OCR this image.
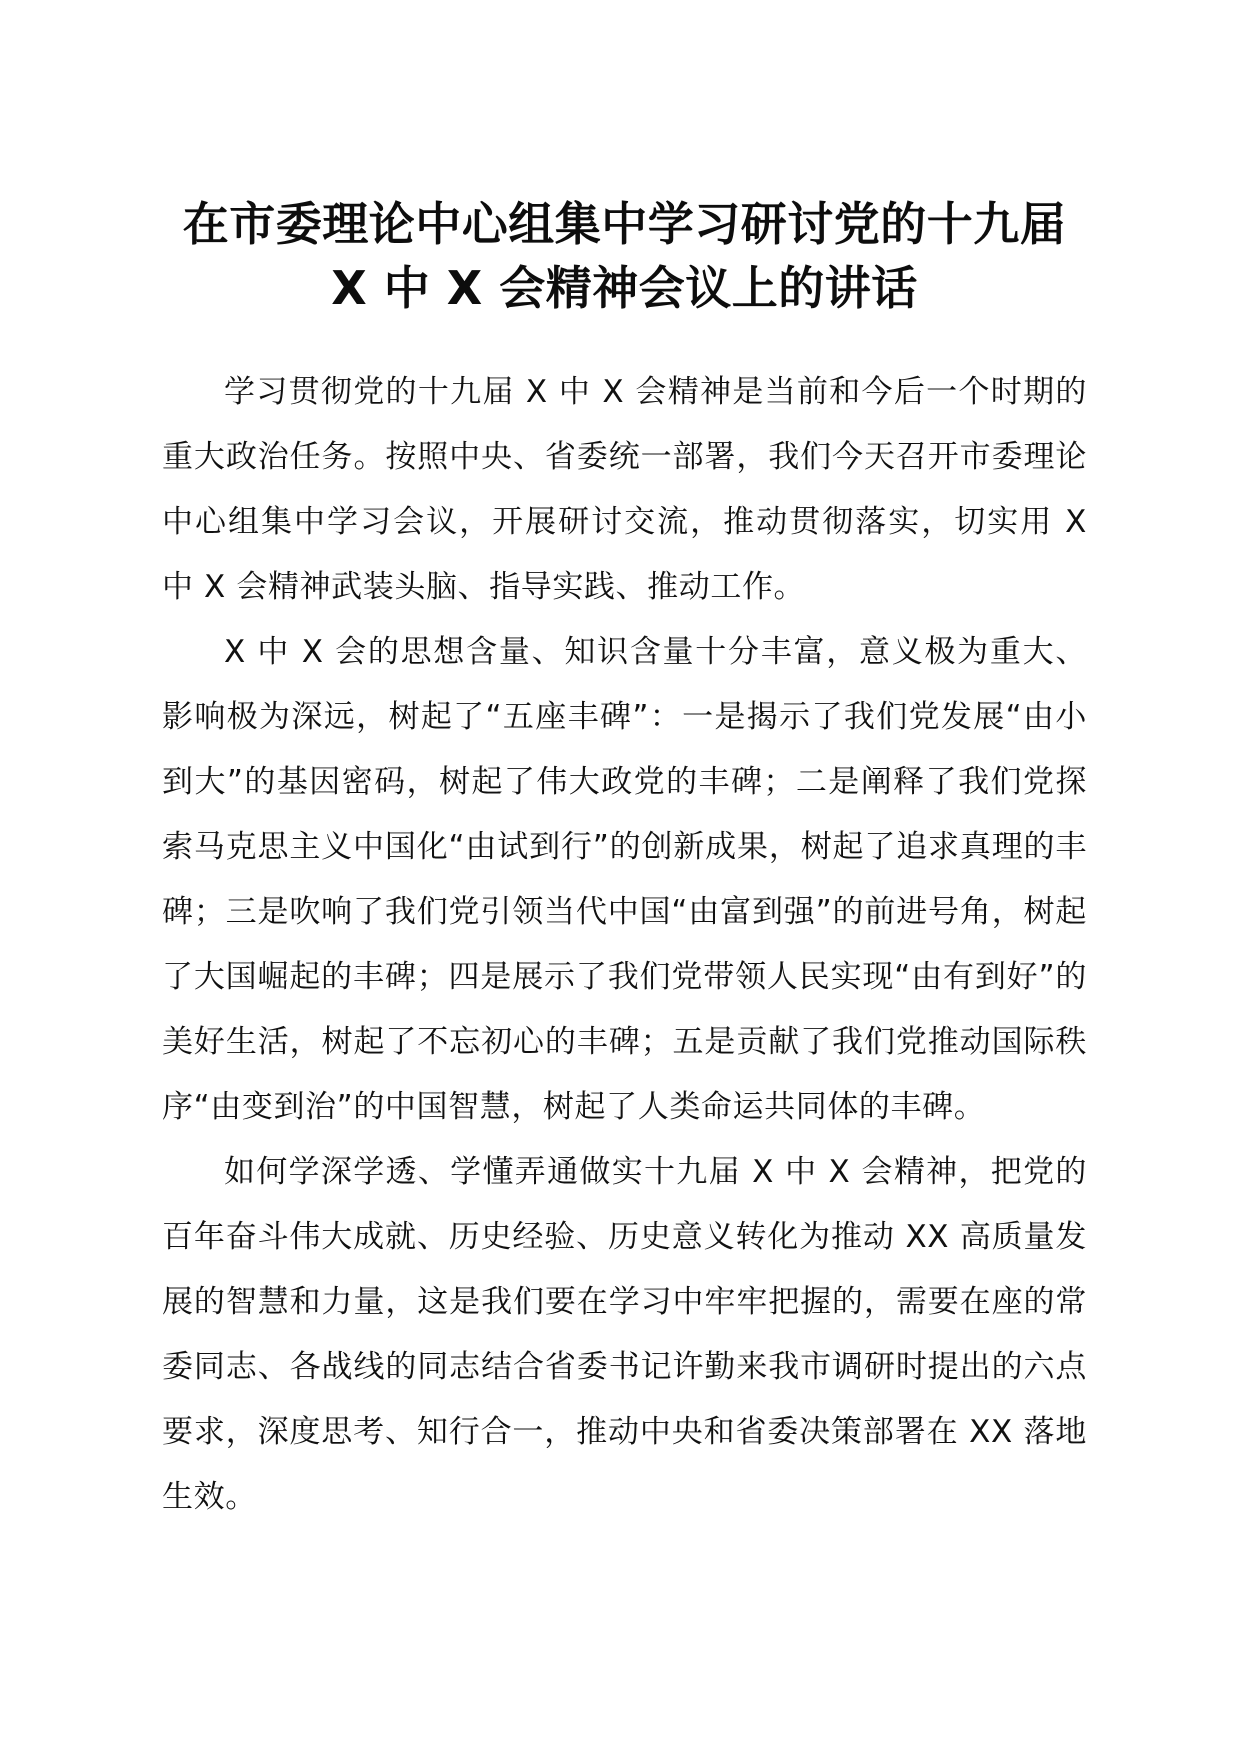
在市委理论中心组集中学习研讨党的十九届 X 中 X 会精神会议上的讲话

学习贯彻党的十九届 X 中 X 会精神是当前和今后一个时期的重大政治任务。按照中央、省委统一部署，我们今天召开市委理论中心组集中学习会议，开展研讨交流，推动贯彻落实，切实用 X 中 X 会精神武装头脑、指导实践、推动工作。

X 中 X 会的思想含量、知识含量十分丰富，意义极为重大、影响极为深远，树起了“五座丰碑”：一是揭示了我们党发展“由小到大”的基因密码，树起了伟大政党的丰碑；二是阐释了我们党探索马克思主义中国化“由试到行”的创新成果，树起了追求真理的丰碑；三是吹响了我们党引领当代中国“由富到强”的前进号角，树起了大国崛起的丰碑；四是展示了我们党带领人民实现“由有到好”的美好生活，树起了不忘初心的丰碑；五是贡献了我们党推动国际秩序“由变到治”的中国智慧，树起了人类命运共同体的丰碑。

如何学深学透、学懂弄通做实十九届 X 中 X 会精神，把党的百年奋斗伟大成就、历史经验、历史意义转化为推动 XX 高质量发展的智慧和力量，这是我们要在学习中牢牢把握的，需要在座的常委同志、各战线的同志结合省委书记许勤来我市调研时提出的六点要求，深度思考、知行合一，推动中央和省委决策部署在 XX 落地生效。
